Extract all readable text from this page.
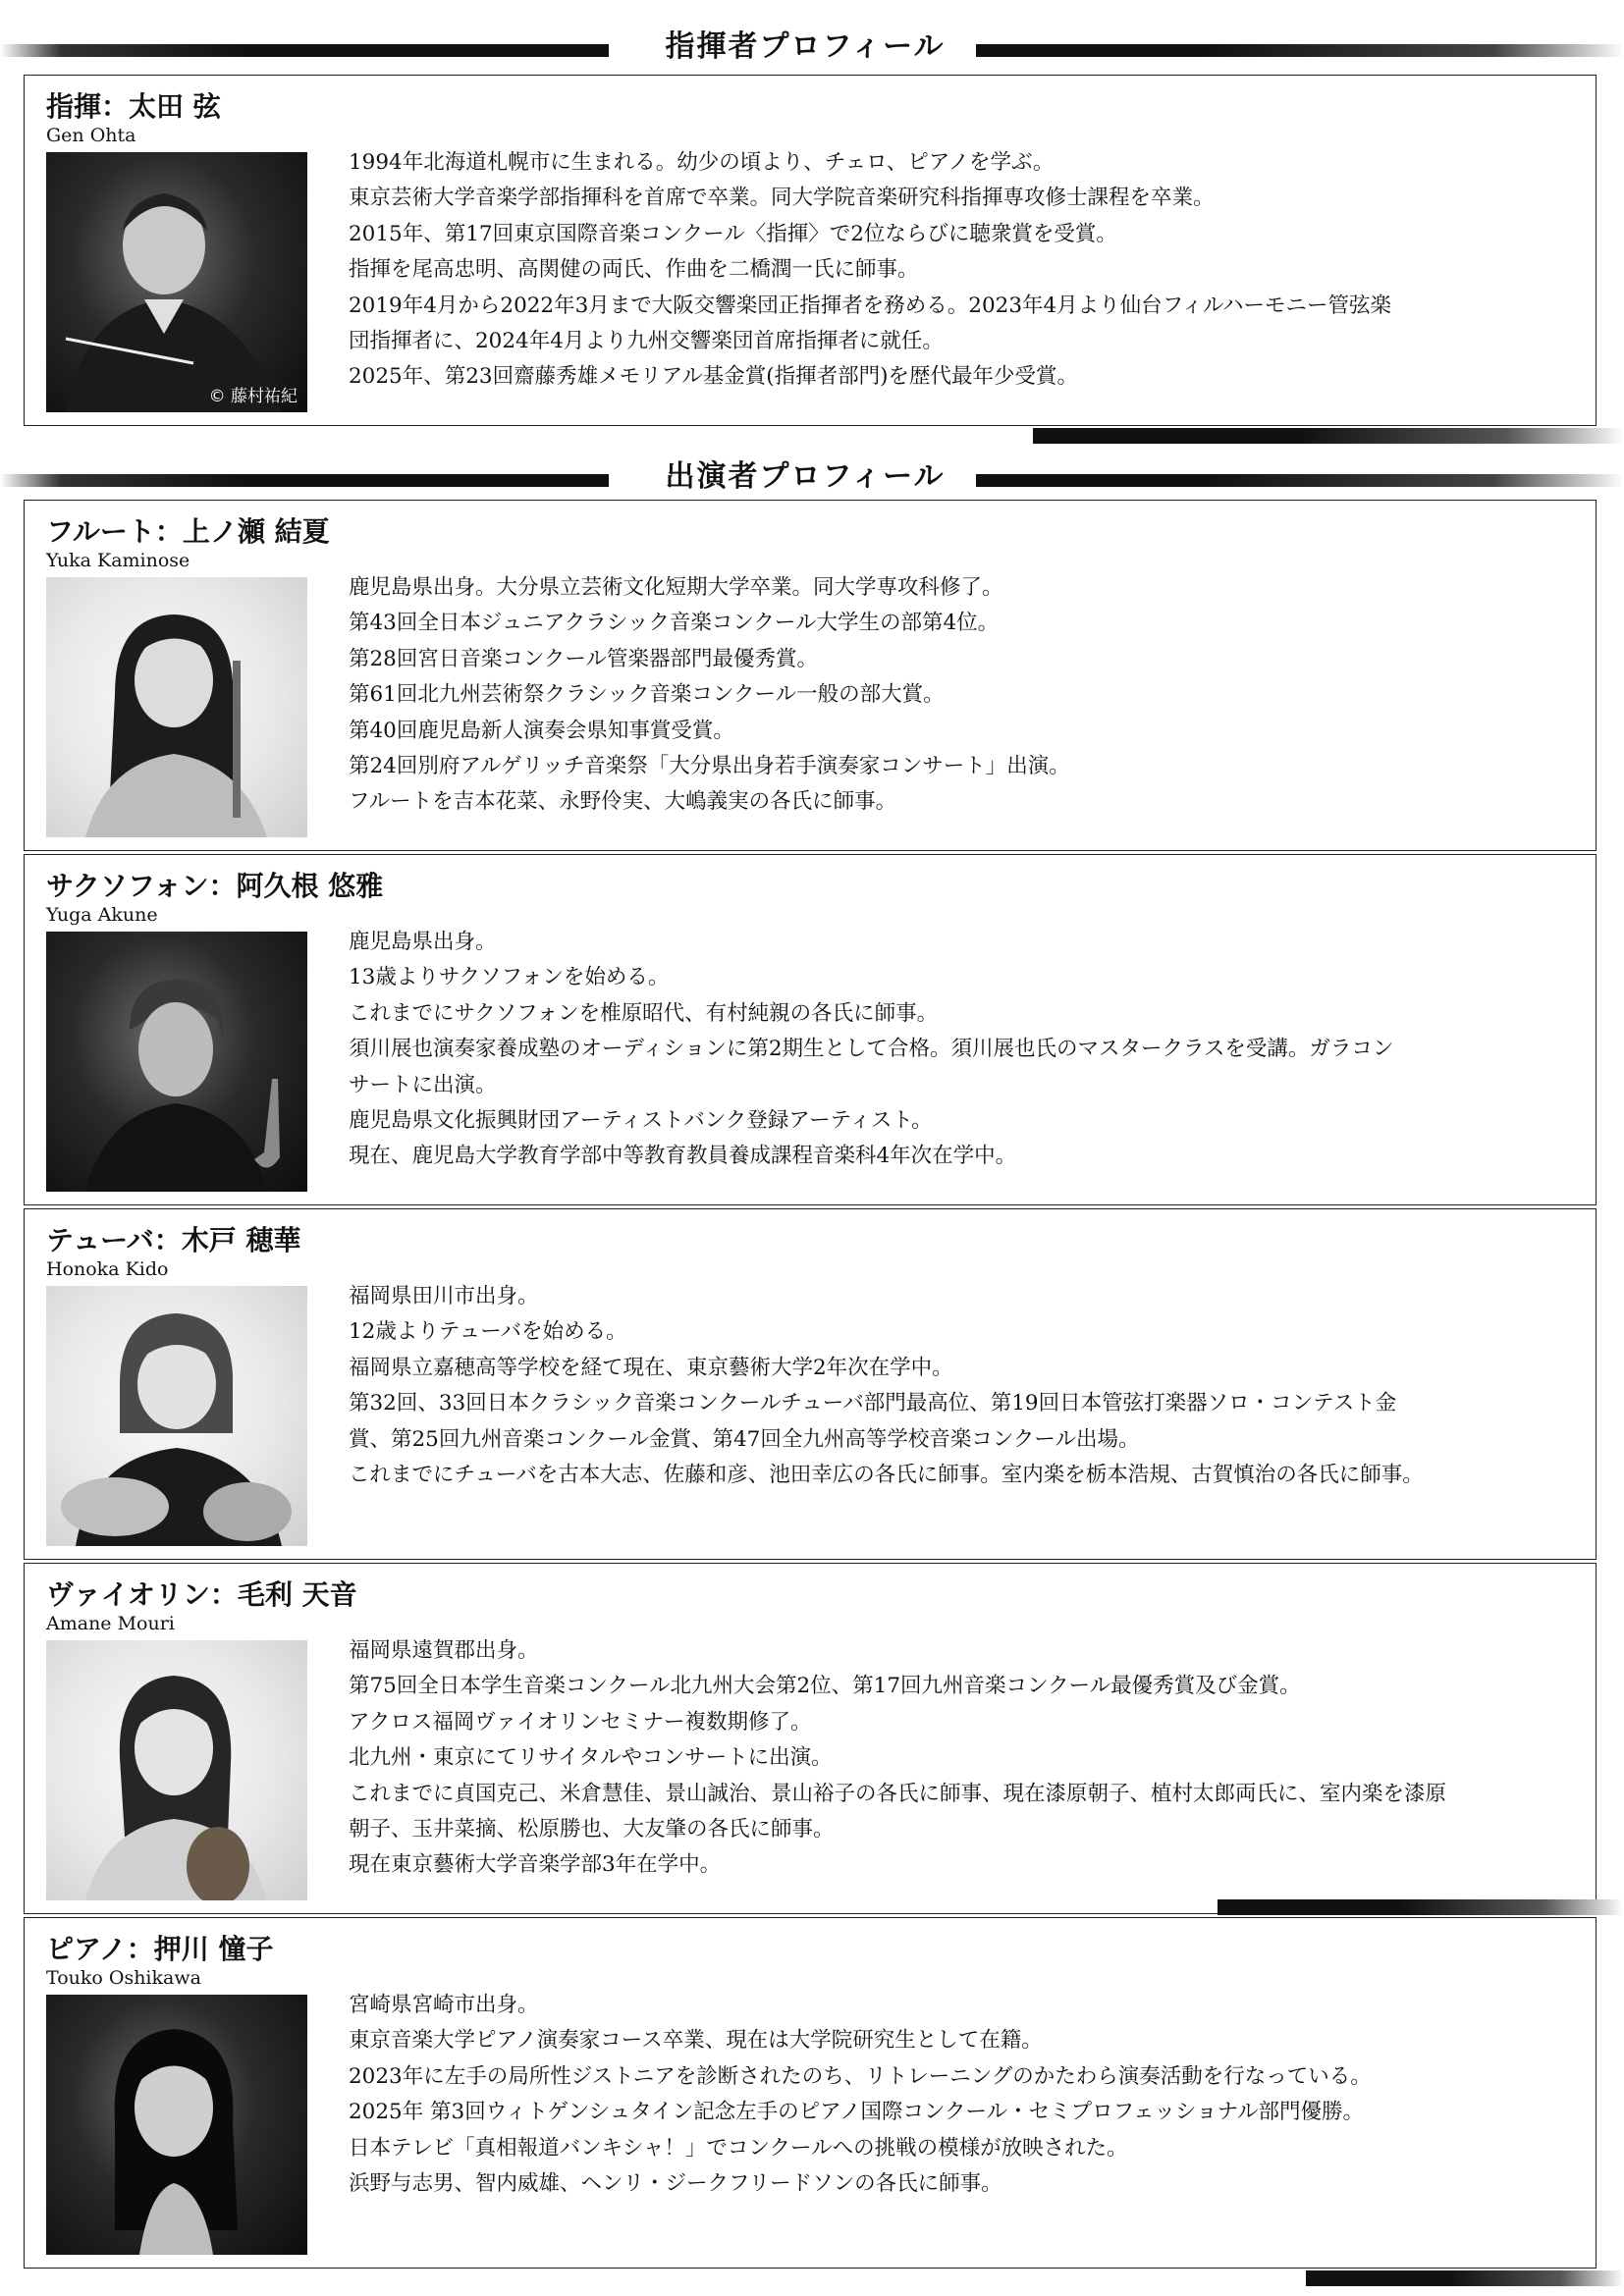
指揮者プロフィール
指揮：太田 弦
Gen Ohta
© 藤村祐紀
1994年北海道札幌市に生まれる。幼少の頃より、チェロ、ピアノを学ぶ。
東京芸術大学音楽学部指揮科を首席で卒業。同大学院音楽研究科指揮専攻修士課程を卒業。
2015年、第17回東京国際音楽コンクール〈指揮〉で2位ならびに聴衆賞を受賞。
指揮を尾高忠明、高関健の両氏、作曲を二橋潤一氏に師事。
2019年4月から2022年3月まで大阪交響楽団正指揮者を務める。2023年4月より仙台フィルハーモニー管弦楽
団指揮者に、2024年4月より九州交響楽団首席指揮者に就任。
2025年、第23回齋藤秀雄メモリアル基金賞(指揮者部門)を歴代最年少受賞。
出演者プロフィール
フルート：上ノ瀬 結夏
Yuka Kaminose
鹿児島県出身。大分県立芸術文化短期大学卒業。同大学専攻科修了。
第43回全日本ジュニアクラシック音楽コンクール大学生の部第4位。
第28回宮日音楽コンクール管楽器部門最優秀賞。
第61回北九州芸術祭クラシック音楽コンクール一般の部大賞。
第40回鹿児島新人演奏会県知事賞受賞。
第24回別府アルゲリッチ音楽祭「大分県出身若手演奏家コンサート」出演。
フルートを吉本花菜、永野伶実、大嶋義実の各氏に師事。
サクソフォン：阿久根 悠雅
Yuga Akune
鹿児島県出身。
13歳よりサクソフォンを始める。
これまでにサクソフォンを椎原昭代、有村純親の各氏に師事。
須川展也演奏家養成塾のオーディションに第2期生として合格。須川展也氏のマスタークラスを受講。ガラコン
サートに出演。
鹿児島県文化振興財団アーティストバンク登録アーティスト。
現在、鹿児島大学教育学部中等教育教員養成課程音楽科4年次在学中。
テューバ：木戸 穂華
Honoka Kido
福岡県田川市出身。
12歳よりテューバを始める。
福岡県立嘉穂高等学校を経て現在、東京藝術大学2年次在学中。
第32回、33回日本クラシック音楽コンクールチューバ部門最高位、第19回日本管弦打楽器ソロ・コンテスト金
賞、第25回九州音楽コンクール金賞、第47回全九州高等学校音楽コンクール出場。
これまでにチューバを古本大志、佐藤和彦、池田幸広の各氏に師事。室内楽を栃本浩規、古賀慎治の各氏に師事。
ヴァイオリン：毛利 天音
Amane Mouri
福岡県遠賀郡出身。
第75回全日本学生音楽コンクール北九州大会第2位、第17回九州音楽コンクール最優秀賞及び金賞。
アクロス福岡ヴァイオリンセミナー複数期修了。
北九州・東京にてリサイタルやコンサートに出演。
これまでに貞国克己、米倉慧佳、景山誠治、景山裕子の各氏に師事、現在漆原朝子、植村太郎両氏に、室内楽を漆原
朝子、玉井菜摘、松原勝也、大友肇の各氏に師事。
現在東京藝術大学音楽学部3年在学中。
ピアノ：押川 憧子
Touko Oshikawa
宮崎県宮崎市出身。
東京音楽大学ピアノ演奏家コース卒業、現在は大学院研究生として在籍。
2023年に左手の局所性ジストニアを診断されたのち、リトレーニングのかたわら演奏活動を行なっている。
2025年 第3回ウィトゲンシュタイン記念左手のピアノ国際コンクール・セミプロフェッショナル部門優勝。
日本テレビ「真相報道バンキシャ！」でコンクールへの挑戦の模様が放映された。
浜野与志男、智内威雄、ヘンリ・ジークフリードソンの各氏に師事。
